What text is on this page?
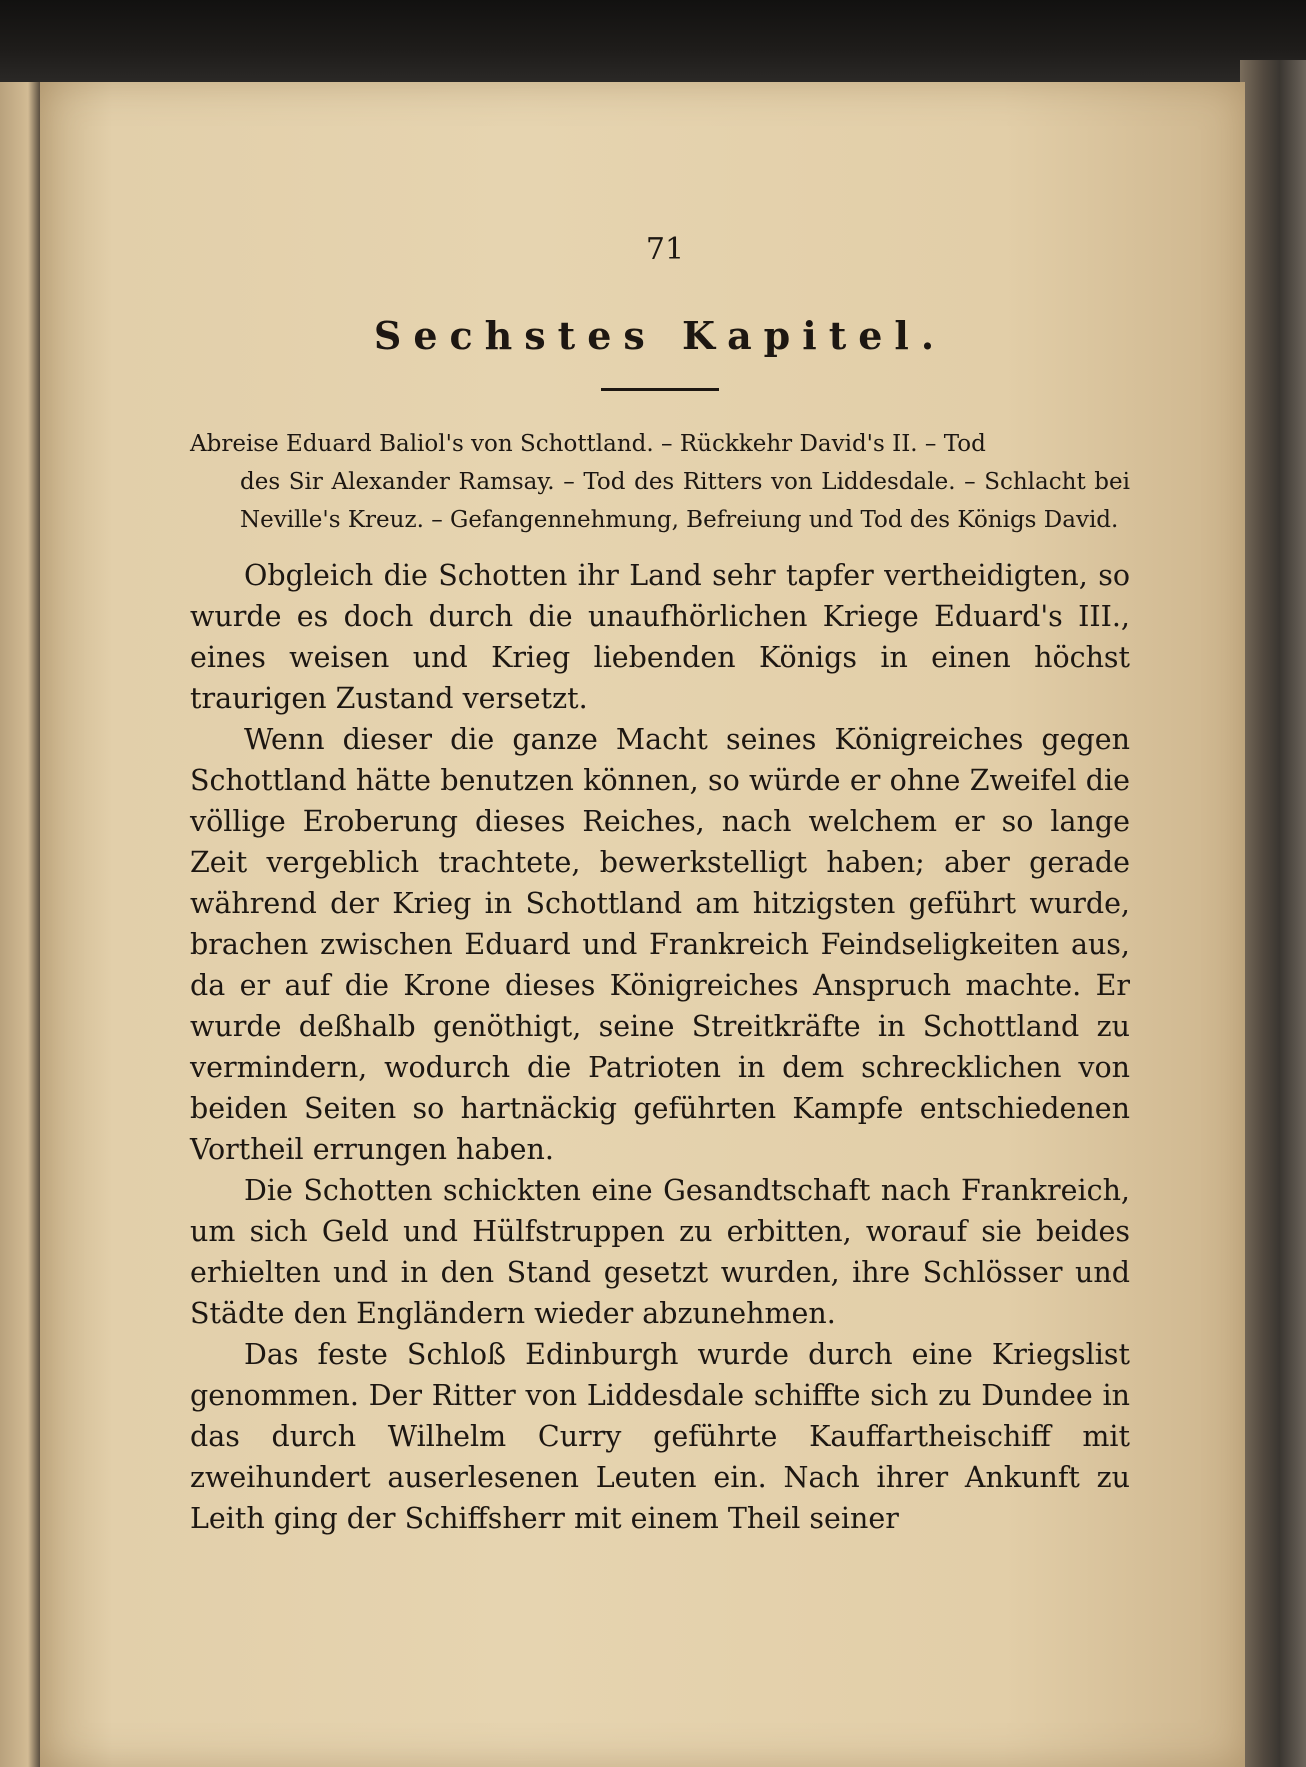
71
Sechstes Kapitel.

Abreise Eduard Baliol's von Schottland. – Rückkehr David's II. – Tod
des Sir Alexander Ramsay. – Tod des Ritters von Liddesdale. – Schlacht bei Neville's Kreuz. – Gefangennehmung, Befreiung und Tod des Königs David.

Obgleich die Schotten ihr Land sehr tapfer vertheidigten, so wurde es doch durch die unaufhörlichen Kriege Eduard's III., eines weisen und Krieg liebenden Königs in einen höchst traurigen Zustand versetzt.

Wenn dieser die ganze Macht seines Königreiches gegen Schottland hätte benutzen können, so würde er ohne Zweifel die völlige Eroberung dieses Reiches, nach welchem er so lange Zeit vergeblich trachtete, bewerkstelligt haben; aber gerade während der Krieg in Schottland am hitzigsten geführt wurde, brachen zwischen Eduard und Frankreich Feindseligkeiten aus, da er auf die Krone dieses Königreiches Anspruch machte. Er wurde deßhalb genöthigt, seine Streitkräfte in Schottland zu vermindern, wodurch die Patrioten in dem schrecklichen von beiden Seiten so hartnäckig geführten Kampfe entschiedenen Vortheil errungen haben.

Die Schotten schickten eine Gesandtschaft nach Frankreich, um sich Geld und Hülfstruppen zu erbitten, worauf sie beides erhielten und in den Stand gesetzt wurden, ihre Schlösser und Städte den Engländern wieder abzunehmen.

Das feste Schloß Edinburgh wurde durch eine Kriegslist genommen. Der Ritter von Liddesdale schiffte sich zu Dundee in das durch Wilhelm Curry geführte Kauffartheischiff mit zweihundert auserlesenen Leuten ein. Nach ihrer Ankunft zu Leith ging der Schiffsherr mit einem Theil seiner
